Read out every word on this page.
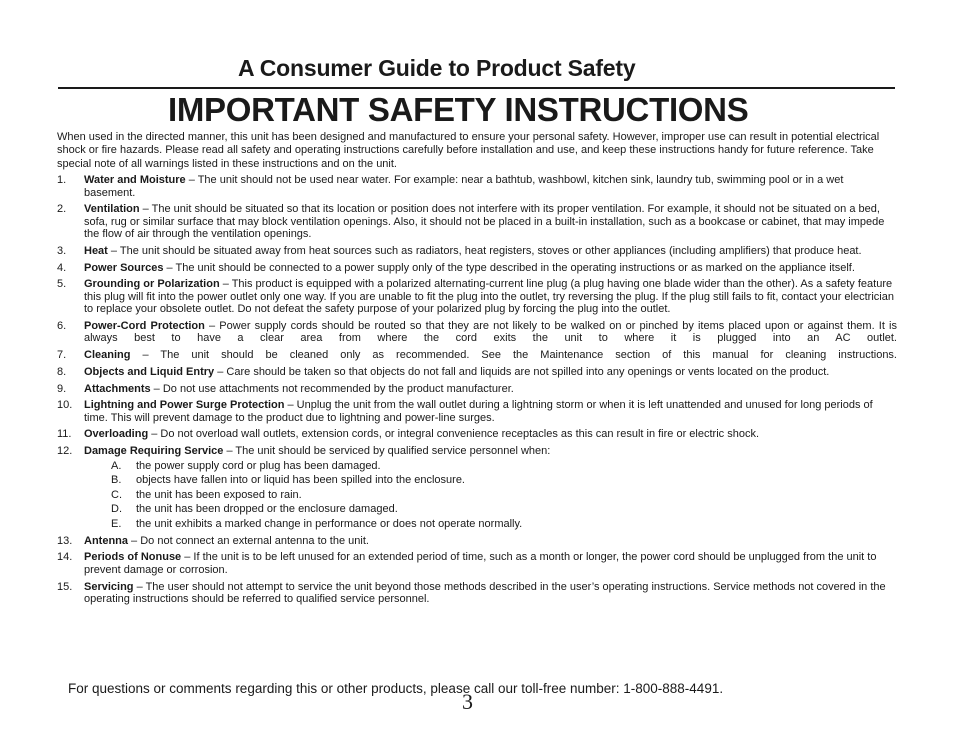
A Consumer Guide to Product Safety
IMPORTANT SAFETY INSTRUCTIONS

When used in the directed manner, this unit has been designed and manufactured to ensure your personal safety. However, improper use can result in potential electrical shock or fire hazards. Please read all safety and operating instructions carefully before installation and use, and keep these instructions handy for future reference. Take special note of all warnings listed in these instructions and on the unit.

1. Water and Moisture – The unit should not be used near water. For example: near a bathtub, washbowl, kitchen sink, laundry tub, swimming pool or in a wet basement.
2. Ventilation – The unit should be situated so that its location or position does not interfere with its proper ventilation. For example, it should not be situated on a bed, sofa, rug or similar surface that may block ventilation openings. Also, it should not be placed in a built-in installation, such as a bookcase or cabinet, that may impede the flow of air through the ventilation openings.
3. Heat – The unit should be situated away from heat sources such as radiators, heat registers, stoves or other appliances (including amplifiers) that produce heat.
4. Power Sources – The unit should be connected to a power supply only of the type described in the operating instructions or as marked on the appliance itself.
5. Grounding or Polarization – This product is equipped with a polarized alternating-current line plug (a plug having one blade wider than the other). As a safety feature this plug will fit into the power outlet only one way. If you are unable to fit the plug into the outlet, try reversing the plug. If the plug still fails to fit, contact your electrician to replace your obsolete outlet. Do not defeat the safety purpose of your polarized plug by forcing the plug into the outlet.
6. Power-Cord Protection – Power supply cords should be routed so that they are not likely to be walked on or pinched by items placed upon or against them. It is always best to have a clear area from where the cord exits the unit to where it is plugged into an AC outlet.
7. Cleaning – The unit should be cleaned only as recommended. See the Maintenance section of this manual for cleaning instructions.
8. Objects and Liquid Entry – Care should be taken so that objects do not fall and liquids are not spilled into any openings or vents located on the product.
9. Attachments – Do not use attachments not recommended by the product manufacturer.
10. Lightning and Power Surge Protection – Unplug the unit from the wall outlet during a lightning storm or when it is left unattended and unused for long periods of time. This will prevent damage to the product due to lightning and power-line surges.
11. Overloading – Do not overload wall outlets, extension cords, or integral convenience receptacles as this can result in fire or electric shock.
12. Damage Requiring Service – The unit should be serviced by qualified service personnel when:
A. the power supply cord or plug has been damaged.
B. objects have fallen into or liquid has been spilled into the enclosure.
C. the unit has been exposed to rain.
D. the unit has been dropped or the enclosure damaged.
E. the unit exhibits a marked change in performance or does not operate normally.
13. Antenna – Do not connect an external antenna to the unit.
14. Periods of Nonuse – If the unit is to be left unused for an extended period of time, such as a month or longer, the power cord should be unplugged from the unit to prevent damage or corrosion.
15. Servicing – The user should not attempt to service the unit beyond those methods described in the user’s operating instructions. Service methods not covered in the operating instructions should be referred to qualified service personnel.
For questions or comments regarding this or other products, please call our toll-free number: 1-800-888-4491.
3
